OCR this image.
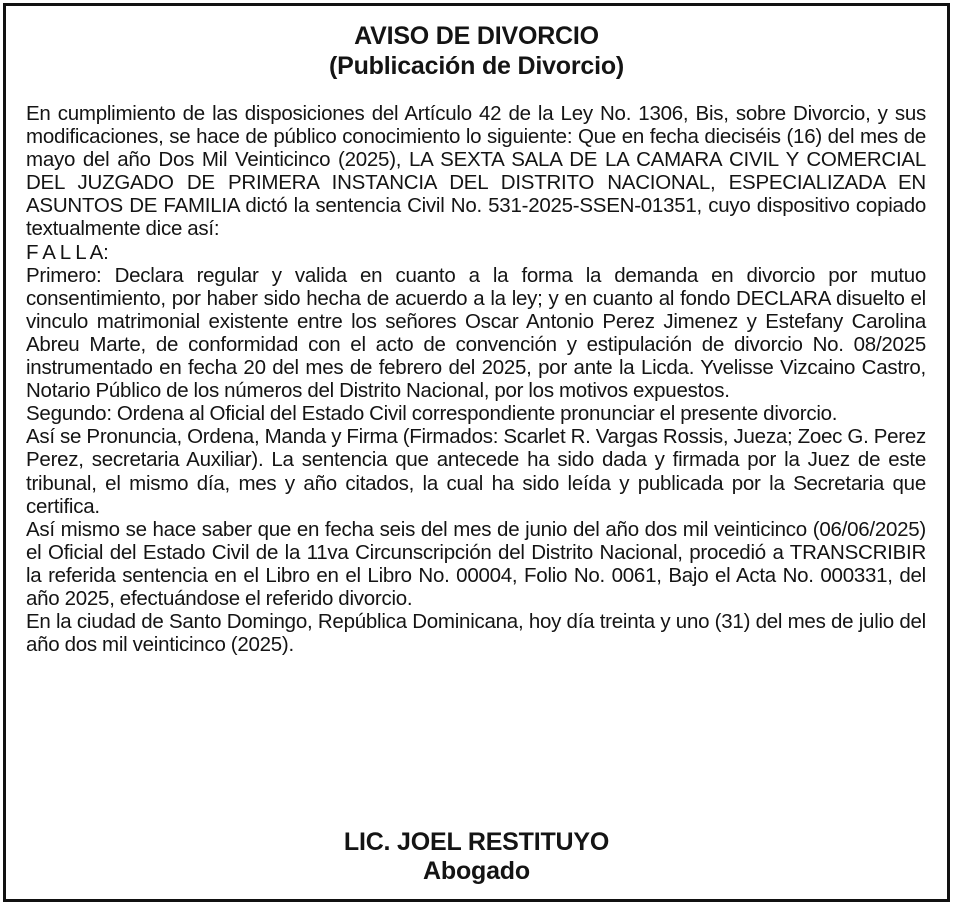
AVISO DE DIVORCIO
(Publicación de Divorcio)

En cumplimiento de las disposiciones del Artículo 42 de la Ley No. 1306, Bis, sobre Divorcio, y sus modificaciones, se hace de público conocimiento lo siguiente: Que en fecha dieciséis (16) del mes de mayo del año Dos Mil Veinticinco (2025), LA SEXTA SALA DE LA CAMARA CIVIL Y COMERCIAL DEL JUZGADO DE PRIMERA INSTANCIA DEL DISTRITO NACIONAL, ESPECIALIZADA EN ASUNTOS DE FAMILIA dictó la sentencia Civil No. 531-2025-SSEN-01351, cuyo dispositivo copiado textualmente dice así:

F A L L A:

Primero: Declara regular y valida en cuanto a la forma la demanda en divorcio por mutuo consentimiento, por haber sido hecha de acuerdo a la ley; y en cuanto al fondo DECLARA disuelto el vinculo matrimonial existente entre los señores Oscar Antonio Perez Jimenez y Estefany Carolina Abreu Marte, de conformidad con el acto de convención y estipulación de divorcio No. 08/2025 instrumentado en fecha 20 del mes de febrero del 2025, por ante la Licda. Yvelisse Vizcaino Castro, Notario Público de los números del Distrito Nacional, por los motivos expuestos.

Segundo: Ordena al Oficial del Estado Civil correspondiente pronunciar el presente divorcio.

Así se Pronuncia, Ordena, Manda y Firma (Firmados: Scarlet R. Vargas Rossis, Jueza; Zoec G. Perez Perez, secretaria Auxiliar). La sentencia que antecede ha sido dada y firmada por la Juez de este tribunal, el mismo día, mes y año citados, la cual ha sido leída y publicada por la Secretaria que certifica.

Así mismo se hace saber que en fecha seis del mes de junio del año dos mil veinticinco (06/06/2025) el Oficial del Estado Civil de la 11va Circunscripción del Distrito Nacional, procedió a TRANSCRIBIR la referida sentencia en el Libro en el Libro No. 00004, Folio No. 0061, Bajo el Acta No. 000331, del año 2025, efectuándose el referido divorcio.

En la ciudad de Santo Domingo, República Dominicana, hoy día treinta y uno (31) del mes de julio del año dos mil veinticinco (2025).

LIC. JOEL RESTITUYO
Abogado
